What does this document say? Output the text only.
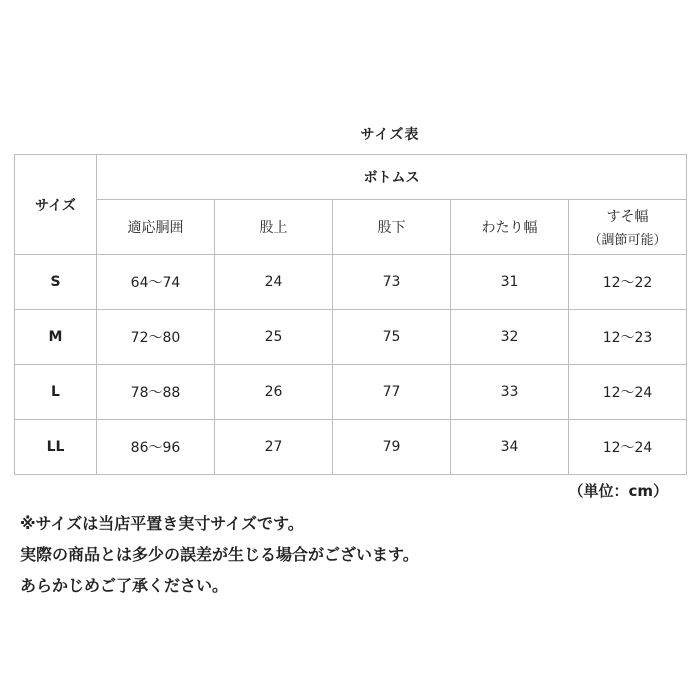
サイズ表
サイズ	ボトムス				
	適応胴囲	股上	股下	わたり幅	すそ幅
（調節可能）

S	64～74	24	73	31	12～22
M	72～80	25	75	32	12～23
L	78～88	26	77	33	12～24
LL	86～96	27	79	34	12～24
（単位：cm）
※サイズは当店平置き実寸サイズです。
実際の商品とは多少の誤差が生じる場合がございます。
あらかじめご了承ください。
